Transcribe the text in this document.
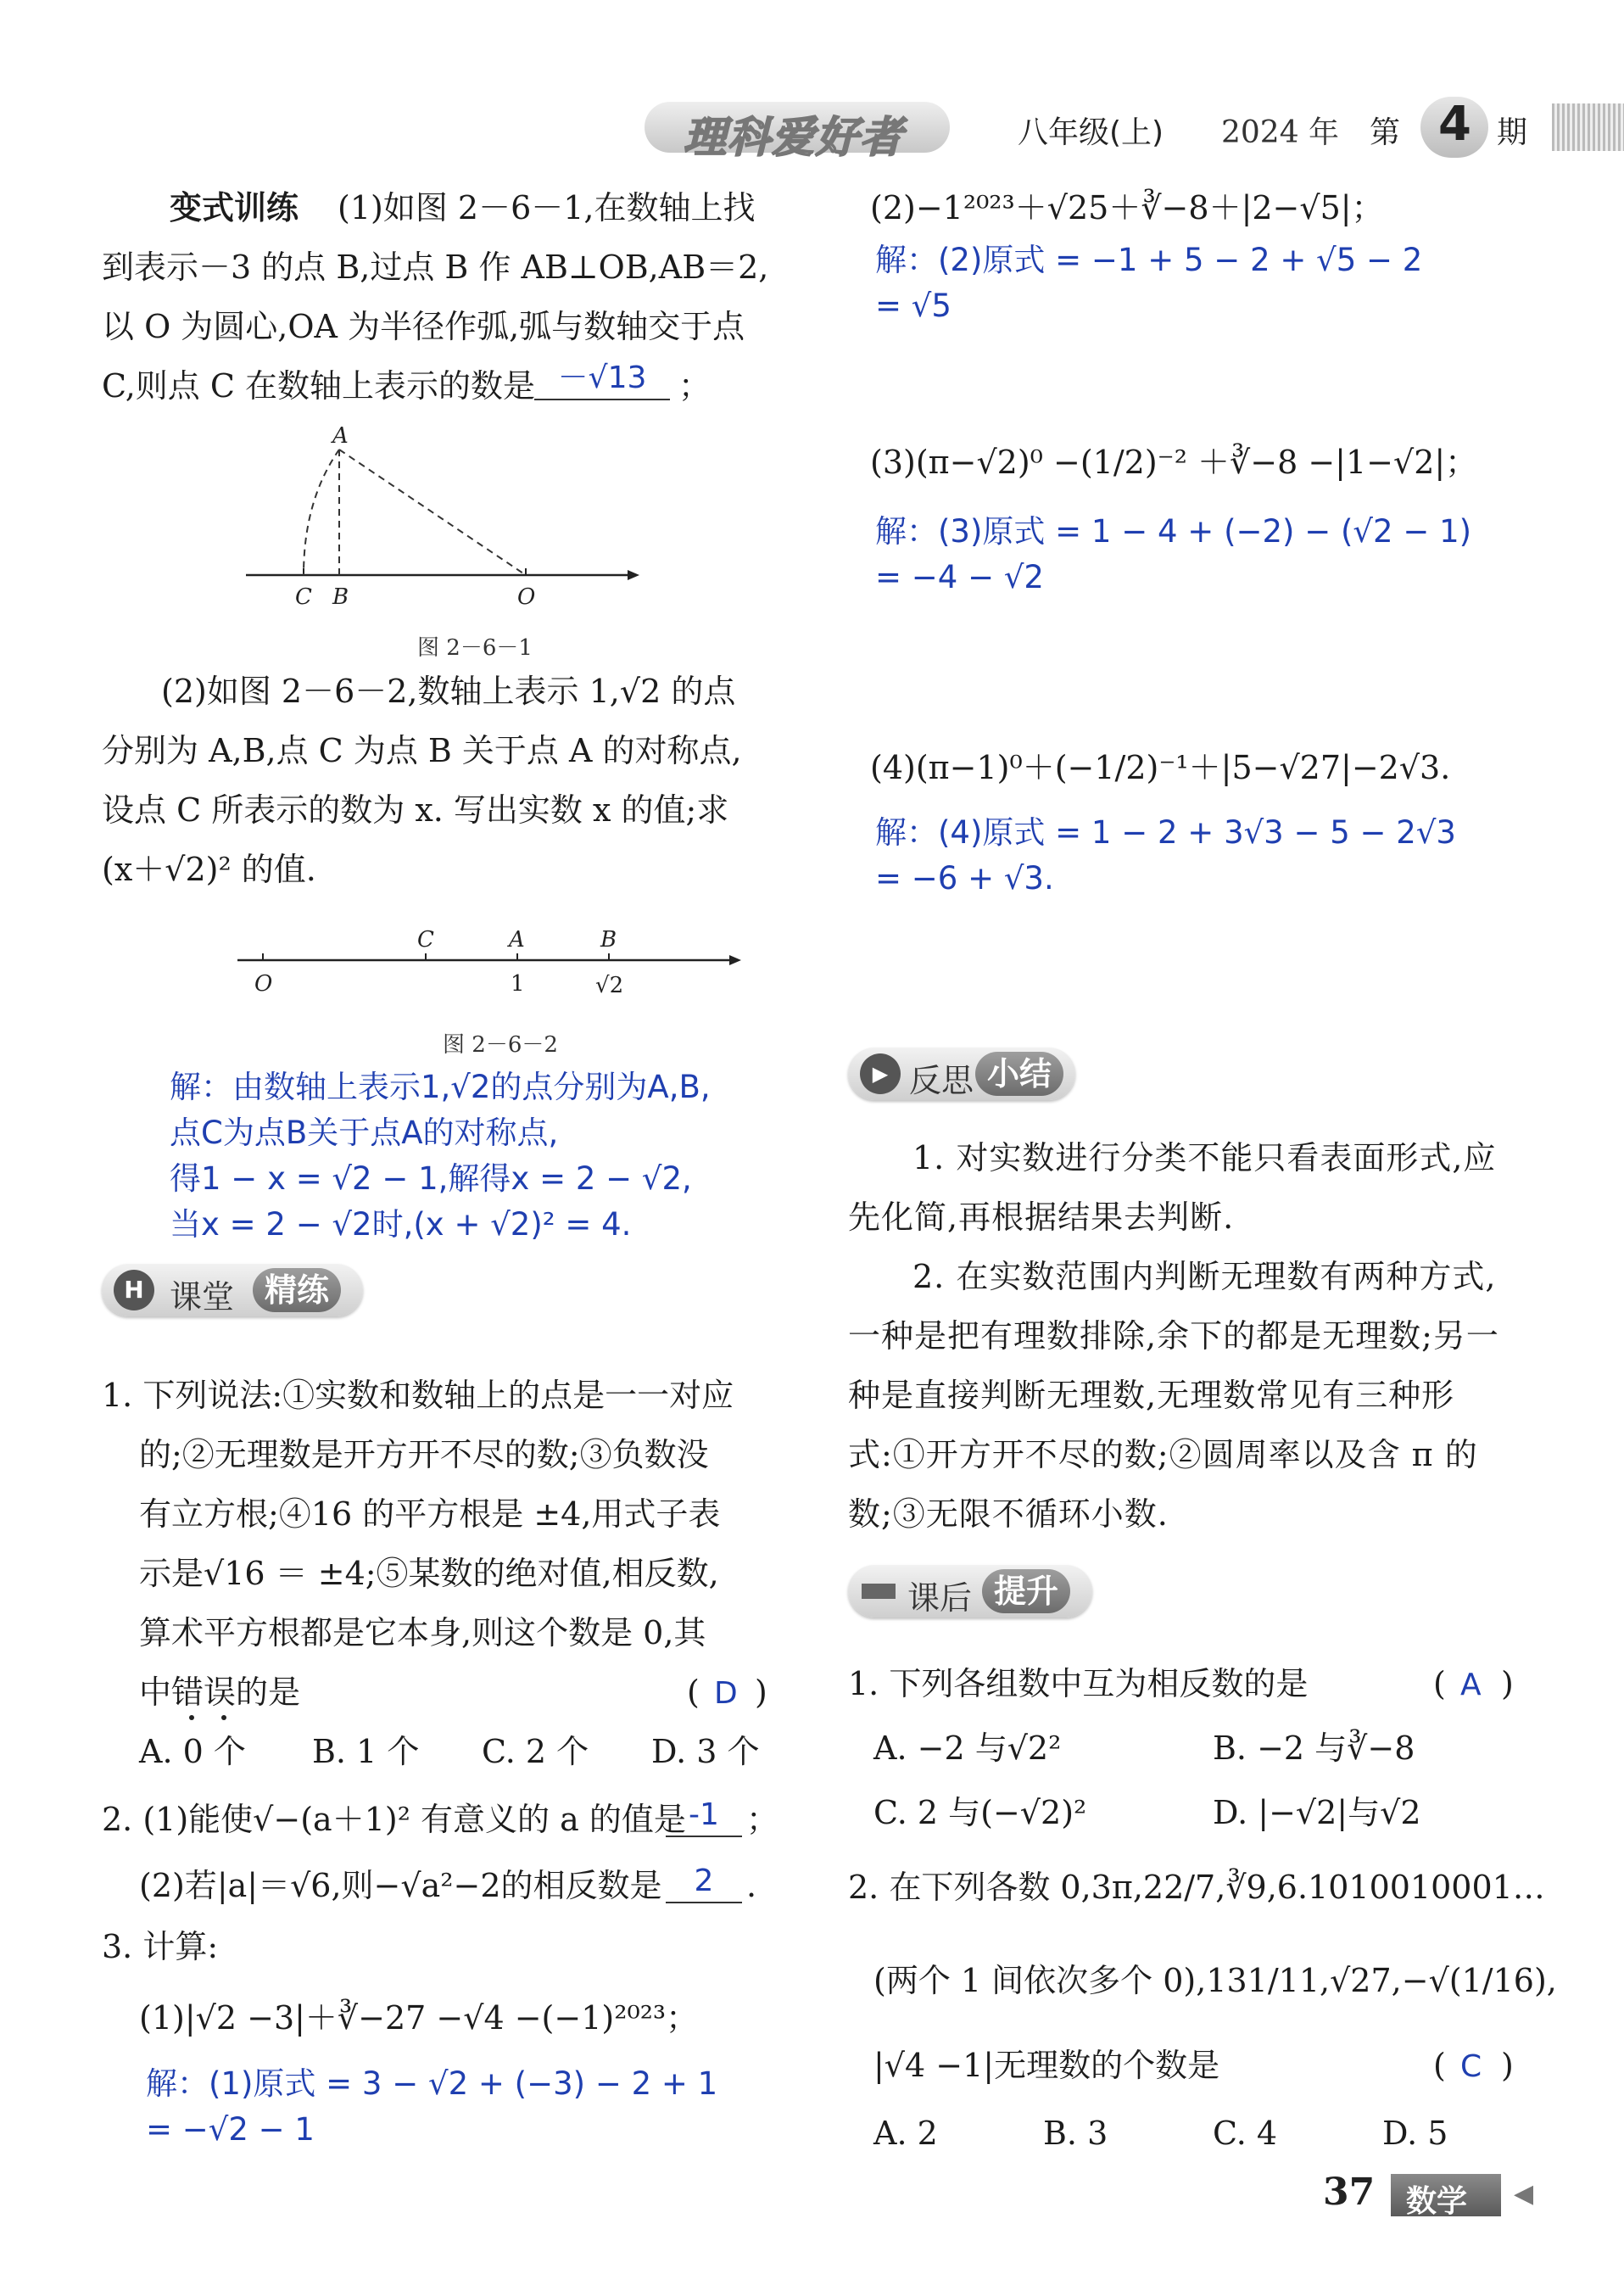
理科爱好者	八年级(上) 2024 年 第 4 期
变式训练 (1)如图 2－6－1,在数轴上找
到表示－3 的点 B,过点 B 作 AB⊥OB,AB＝2,
以 O 为圆心,OA 为半径作弧,弧与数轴交于点
C,则点 C 在数轴上表示的数是 －√13 ；
A
C B	O
图 2－6－1
(2)如图 2－6－2,数轴上表示 1,√2 的点
分别为 A,B,点 C 为点 B 关于点 A 的对称点,
设点 C 所表示的数为 x. 写出实数 x 的值;求
(x＋√2)² 的值.
C	A	B
O	1	√2
图 2－6－2
解：由数轴上表示1,√2的点分别为A,B,
点C为点B关于点A的对称点,
得1 − x = √2 − 1,解得x = 2 − √2,
当x = 2 − √2时,(x + √2)² = 4.
H 课堂 精练
1. 下列说法:①实数和数轴上的点是一一对应
的;②无理数是开方开不尽的数;③负数没
有立方根;④16 的平方根是 ±4,用式子表
示是√16 ＝ ±4;⑤某数的绝对值,相反数,
算术平方根都是它本身,则这个数是 0,其
中错误的是	( D )
A. 0 个 B. 1 个 C. 2 个 D. 3 个
2. (1)能使√−(a＋1)² 有意义的 a 的值是 -1 ；
(2)若|a|＝√6,则−√a²−2的相反数是	2	.
3. 计算:
(1)|√2 −3|＋∛−27 −√4 −(−1)²⁰²³；
解：(1)原式 = 3 − √2 + (−3) − 2 + 1
= −√2 − 1
(2)−1²⁰²³＋√25＋∛−8＋|2−√5|；
解：(2)原式 = −1 + 5 − 2 + √5 − 2
= √5
(3)(π−√2)⁰ −(1/2)⁻² ＋∛−8 −|1−√2|；
解：(3)原式 = 1 − 4 + (−2) − (√2 − 1)
= −4 − √2
(4)(π−1)⁰＋(−1/2)⁻¹＋|5−√27|−2√3.
解：(4)原式 = 1 − 2 + 3√3 − 5 − 2√3
= −6 + √3.
▶ 反思 小结
1. 对实数进行分类不能只看表面形式,应先化简,再根据结果去判断.
2. 在实数范围内判断无理数有两种方式,一种是把有理数排除,余下的都是无理数;另一种是直接判断无理数,无理数常见有三种形式:①开方开不尽的数;②圆周率以及含 π 的数;③无限不循环小数.
课后 提升
1. 下列各组数中互为相反数的是	( A )
A. −2 与√2²	B. −2 与∛−8
C. 2 与(−√2)²	D. |−√2|与√2
2. 在下列各数 0,3π,22/7,∛9,6.1010010001…
(两个 1 间依次多个 0),131/11,√27,−√(1/16),
|√4 −1|无理数的个数是	( C )
A. 2	B. 3	C. 4	D. 5
37 数学 ◀
